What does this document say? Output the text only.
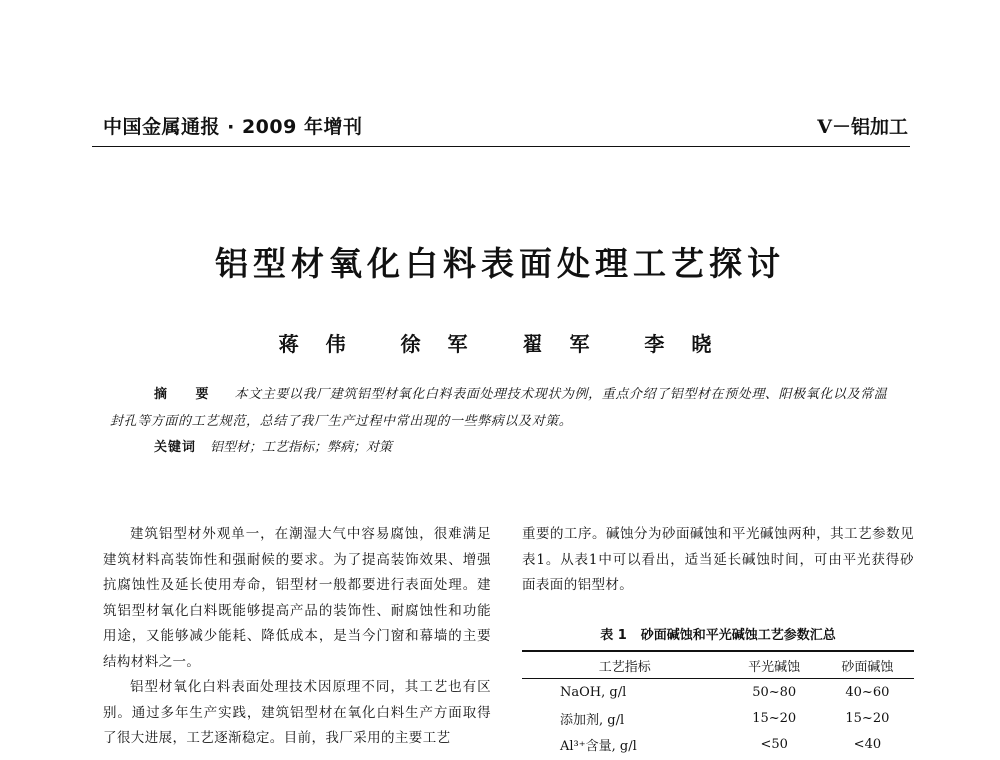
中国金属通报 · 2009 年增刊	V－铝加工
铝型材氧化白料表面处理工艺探讨
蒋 伟 徐 军 翟 军 李 晓
摘 要 本文主要以我厂建筑铝型材氧化白料表面处理技术现状为例，重点介绍了铝型材在预处理、阳极氧化以及常温封孔等方面的工艺规范，总结了我厂生产过程中常出现的一些弊病以及对策。
关键词 铝型材；工艺指标；弊病；对策

建筑铝型材外观单一，在潮湿大气中容易腐蚀，很难满足建筑材料高装饰性和强耐候的要求。为了提高装饰效果、增强抗腐蚀性及延长使用寿命，铝型材一般都要进行表面处理。建筑铝型材氧化白料既能够提高产品的装饰性、耐腐蚀性和功能用途，又能够减少能耗、降低成本，是当今门窗和幕墙的主要结构材料之一。

铝型材氧化白料表面处理技术因原理不同，其工艺也有区别。通过多年生产实践，建筑铝型材在氧化白料生产方面取得了很大进展，工艺逐渐稳定。目前，我厂采用的主要工艺

重要的工序。碱蚀分为砂面碱蚀和平光碱蚀两种，其工艺参数见表1。从表1中可以看出，适当延长碱蚀时间，可由平光获得砂面表面的铝型材。

表 1 砂面碱蚀和平光碱蚀工艺参数汇总
工艺指标	平光碱蚀	砂面碱蚀
NaOH, g/l	50~80	40~60
添加剂, g/l	15~20	15~20
Al³⁺含量, g/l	<50	<40
